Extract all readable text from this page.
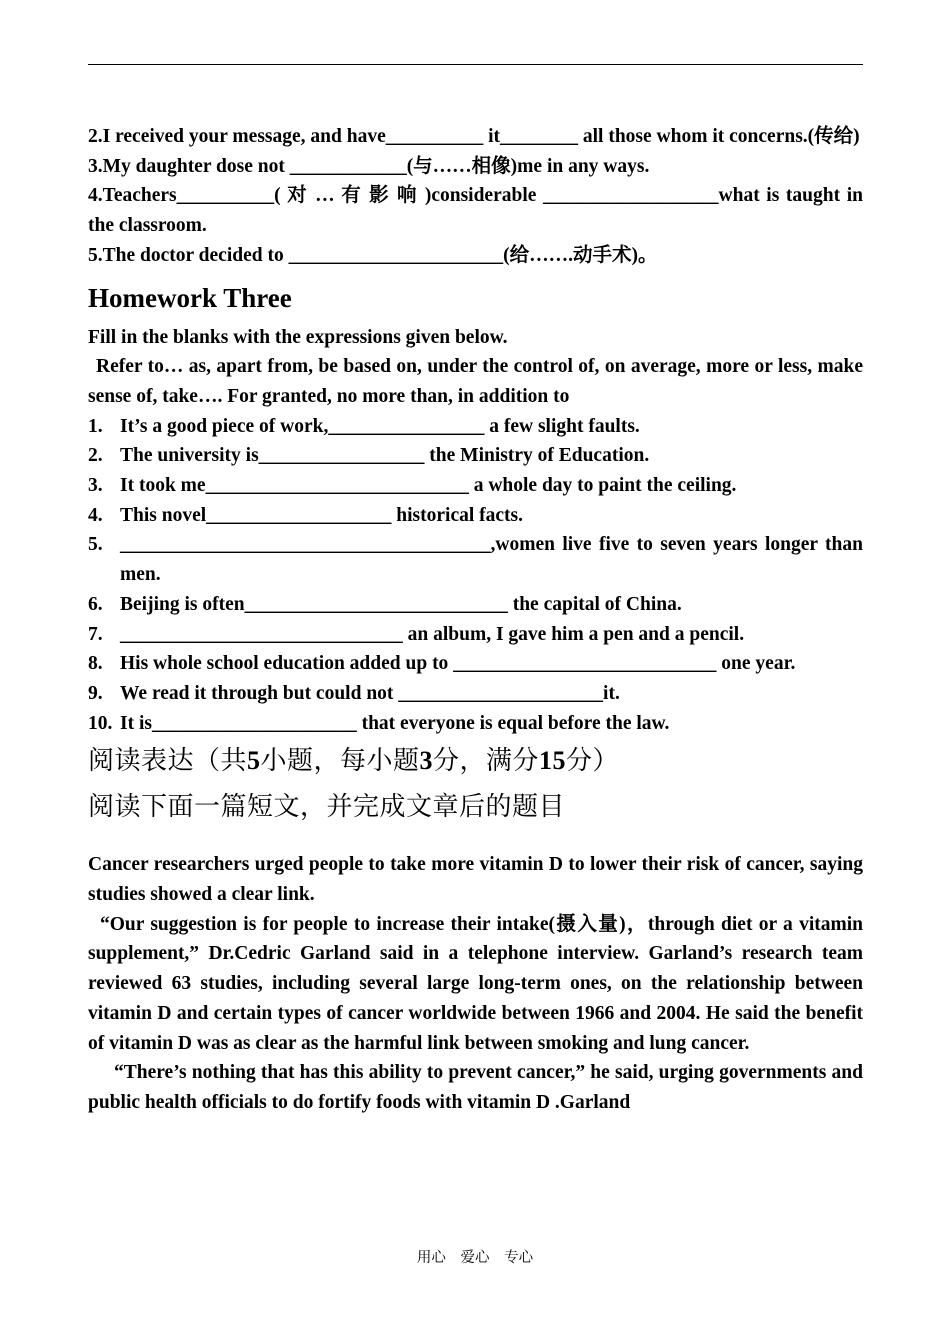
2.I received your message, and have__________ it________ all those whom it concerns.(传给)

3.My daughter dose not ____________(与……相像)me in any ways.

4.Teachers__________( 对 … 有 影 响 )considerable __________________what is taught in the classroom.

5.The doctor decided to ______________________(给…….动手术)。

Homework Three

Fill in the blanks with the expressions given below.

Refer to… as, apart from, be based on, under the control of, on average, more or less, make sense of, take…. For granted, no more than, in addition to

1. It’s a good piece of work,________________ a few slight faults.
2. The university is_________________ the Ministry of Education.
3. It took me___________________________ a whole day to paint the ceiling.
4. This novel___________________ historical facts.
5. ______________________________________,women live five to seven years longer than men.
6. Beijing is often___________________________ the capital of China.
7. _____________________________ an album, I gave him a pen and a pencil.
8. His whole school education added up to ___________________________ one year.
9. We read it through but could not _____________________it.
10. It is_____________________ that everyone is equal before the law.
阅读表达（共5小题，每小题3分，满分15分）
阅读下面一篇短文，并完成文章后的题目

Cancer researchers urged people to take more vitamin D to lower their risk of cancer, saying studies showed a clear link.

“Our suggestion is for people to increase their intake(摄入量)，through diet or a vitamin supplement,” Dr.Cedric Garland said in a telephone interview. Garland’s research team reviewed 63 studies, including several large long-term ones, on the relationship between vitamin D and certain types of cancer worldwide between 1966 and 2004. He said the benefit of vitamin D was as clear as the harmful link between smoking and lung cancer.

“There’s nothing that has this ability to prevent cancer,” he said, urging governments and public health officials to do fortify foods with vitamin D .Garland

用心 爱心 专心
